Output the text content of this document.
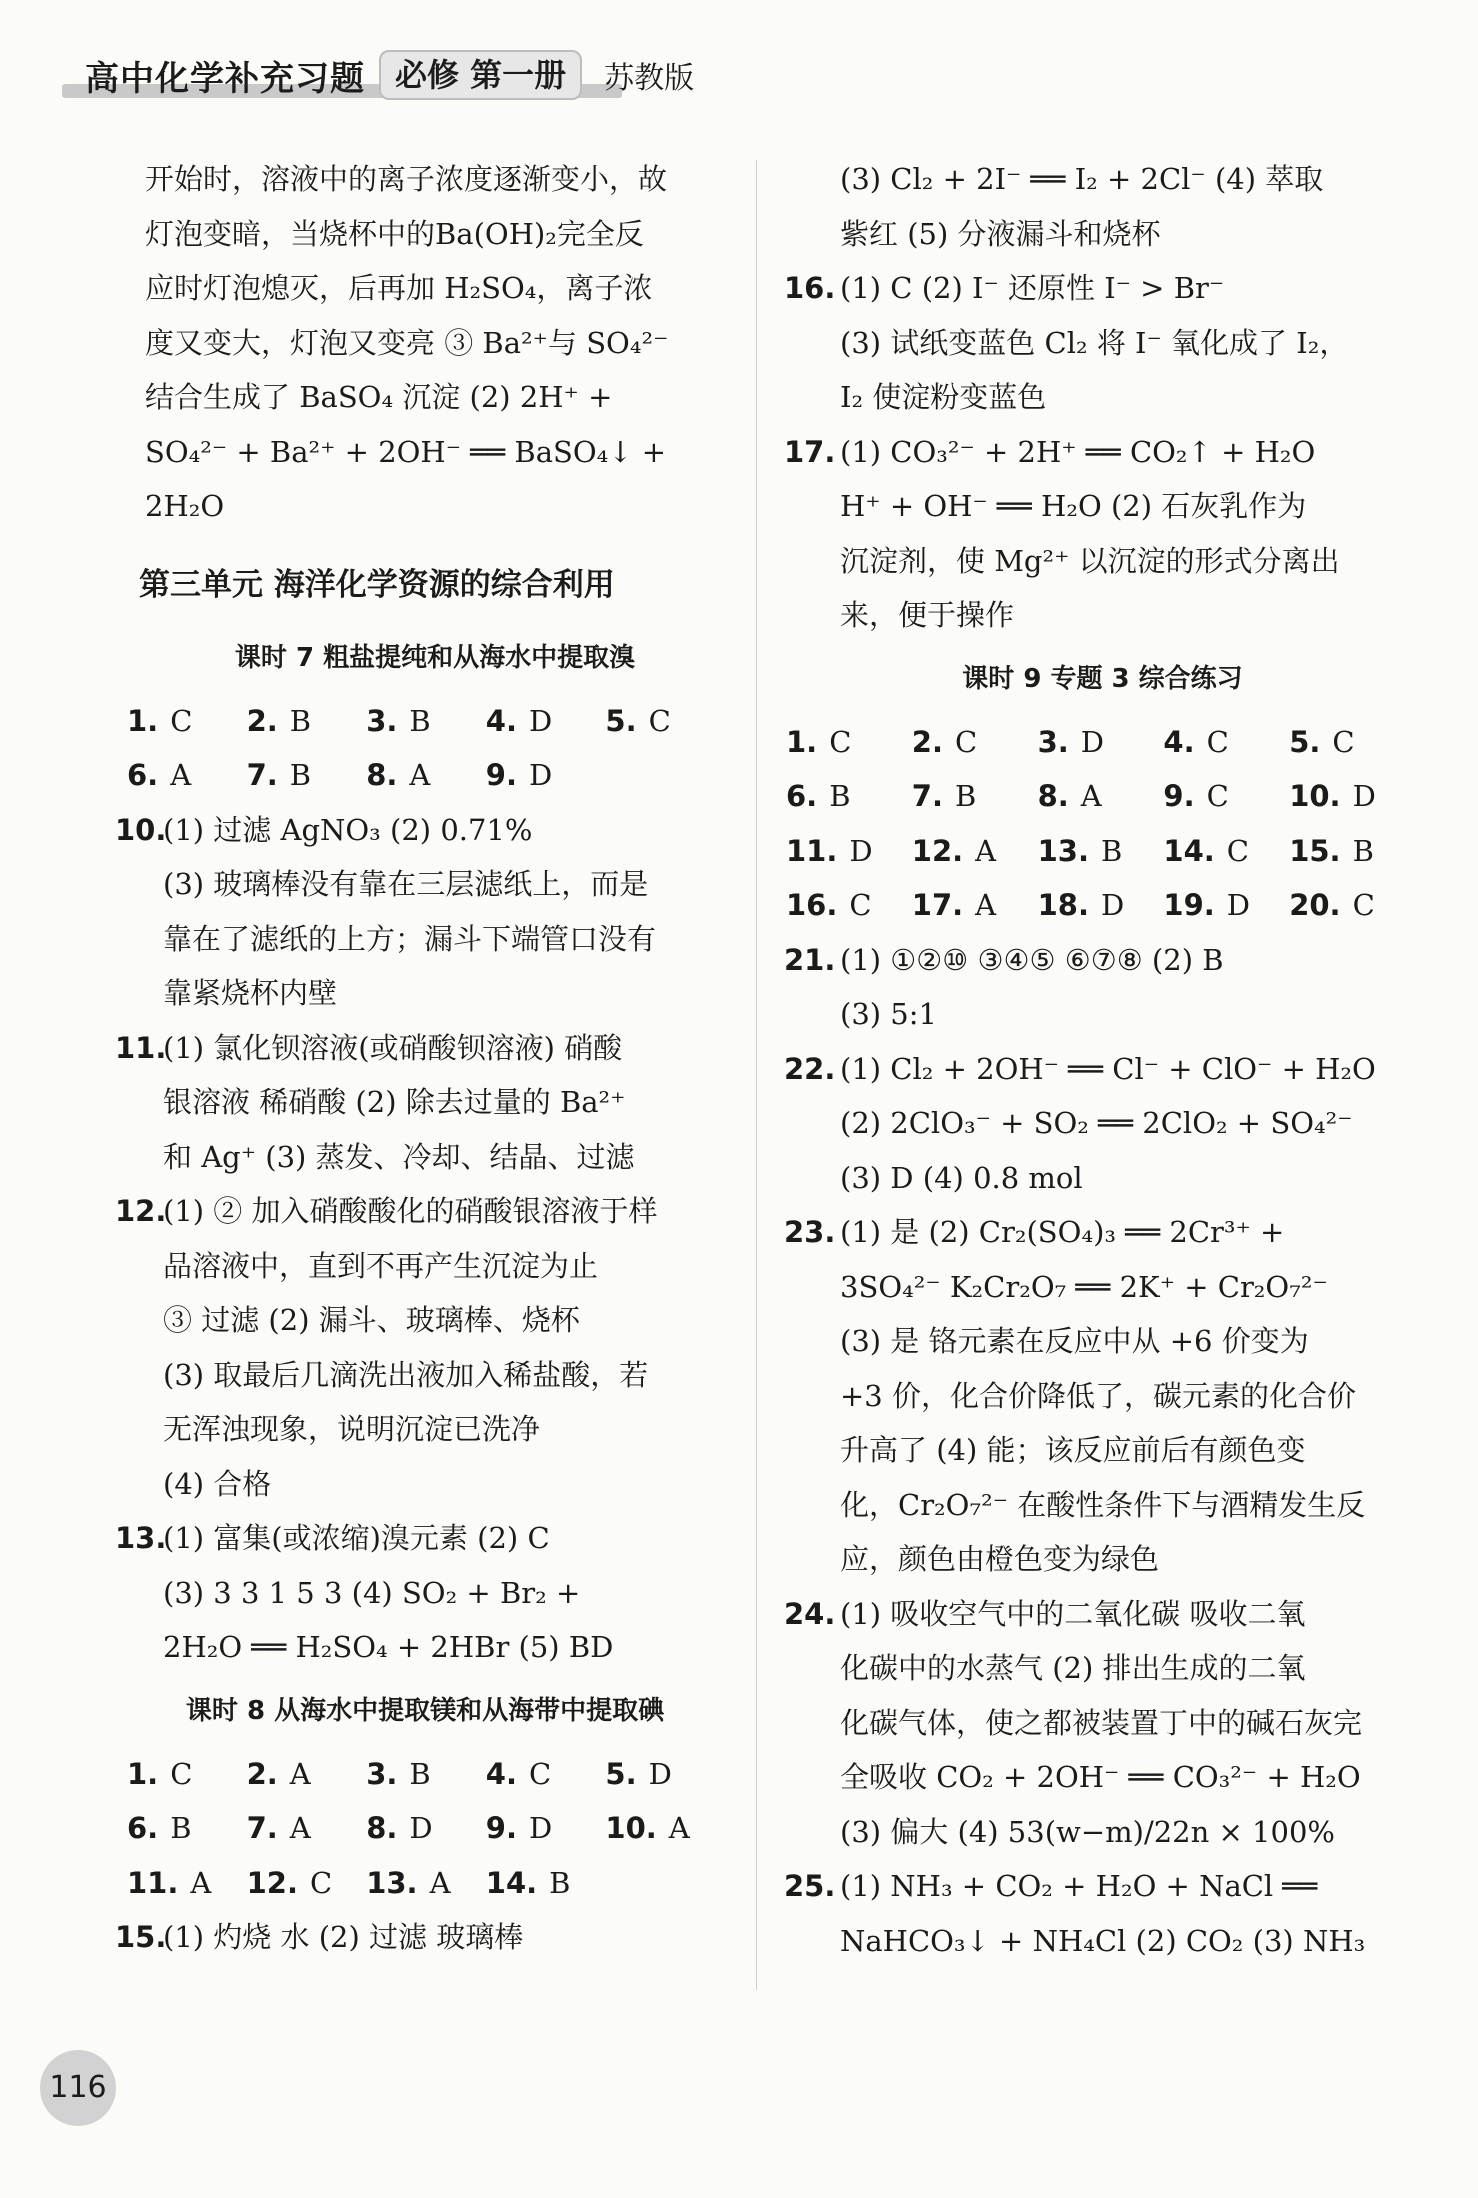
高中化学补充习题 必修 第一册	苏教版
开始时，溶液中的离子浓度逐渐变小，故
灯泡变暗，当烧杯中的Ba(OH)₂完全反
应时灯泡熄灭，后再加 H₂SO₄，离子浓
度又变大，灯泡又变亮 ③ Ba²⁺与 SO₄²⁻
结合生成了 BaSO₄ 沉淀 (2) 2H⁺ +
SO₄²⁻ + Ba²⁺ + 2OH⁻ ══ BaSO₄↓ +
2H₂O
第三单元 海洋化学资源的综合利用
课时 7 粗盐提纯和从海水中提取溴
1. C	2. B	3. B	4. D	5. C
6. A	7. B	8. A	9. D
10.(1) 过滤 AgNO₃ (2) 0.71%
(3) 玻璃棒没有靠在三层滤纸上，而是
靠在了滤纸的上方；漏斗下端管口没有
靠紧烧杯内壁
11.(1) 氯化钡溶液(或硝酸钡溶液) 硝酸
银溶液 稀硝酸 (2) 除去过量的 Ba²⁺
和 Ag⁺ (3) 蒸发、冷却、结晶、过滤
12.(1) ② 加入硝酸酸化的硝酸银溶液于样
品溶液中，直到不再产生沉淀为止
③ 过滤 (2) 漏斗、玻璃棒、烧杯
(3) 取最后几滴洗出液加入稀盐酸，若
无浑浊现象，说明沉淀已洗净
(4) 合格
13.(1) 富集(或浓缩)溴元素 (2) C
(3) 3 3 1 5 3 (4) SO₂ + Br₂ +
2H₂O ══ H₂SO₄ + 2HBr (5) BD
课时 8 从海水中提取镁和从海带中提取碘
1. C	2. A	3. B	4. C	5. D
6. B	7. A	8. D	9. D	10. A
11. A	12. C	13. A	14. B
15.(1) 灼烧 水 (2) 过滤 玻璃棒
(3) Cl₂ + 2I⁻ ══ I₂ + 2Cl⁻ (4) 萃取
紫红 (5) 分液漏斗和烧杯
16. (1) C (2) I⁻ 还原性 I⁻ > Br⁻
(3) 试纸变蓝色 Cl₂ 将 I⁻ 氧化成了 I₂，
I₂ 使淀粉变蓝色
17. (1) CO₃²⁻ + 2H⁺ ══ CO₂↑ + H₂O
H⁺ + OH⁻ ══ H₂O (2) 石灰乳作为
沉淀剂，使 Mg²⁺ 以沉淀的形式分离出
来，便于操作
课时 9 专题 3 综合练习
1. C	2. C	3. D	4. C	5. C
6. B	7. B	8. A	9. C	10. D
11. D	12. A	13. B	14. C	15. B
16. C	17. A	18. D	19. D	20. C
21. (1) ①②⑩ ③④⑤ ⑥⑦⑧ (2) B
(3) 5:1
22. (1) Cl₂ + 2OH⁻ ══ Cl⁻ + ClO⁻ + H₂O
(2) 2ClO₃⁻ + SO₂ ══ 2ClO₂ + SO₄²⁻
(3) D (4) 0.8 mol
23. (1) 是 (2) Cr₂(SO₄)₃ ══ 2Cr³⁺ +
3SO₄²⁻ K₂Cr₂O₇ ══ 2K⁺ + Cr₂O₇²⁻
(3) 是 铬元素在反应中从 +6 价变为
+3 价，化合价降低了，碳元素的化合价
升高了 (4) 能；该反应前后有颜色变
化，Cr₂O₇²⁻ 在酸性条件下与酒精发生反
应，颜色由橙色变为绿色
24. (1) 吸收空气中的二氧化碳 吸收二氧
化碳中的水蒸气 (2) 排出生成的二氧
化碳气体，使之都被装置丁中的碱石灰完
全吸收 CO₂ + 2OH⁻ ══ CO₃²⁻ + H₂O
(3) 偏大 (4) 53(w−m)/22n × 100%
25. (1) NH₃ + CO₂ + H₂O + NaCl ══
NaHCO₃↓ + NH₄Cl (2) CO₂ (3) NH₃
116
